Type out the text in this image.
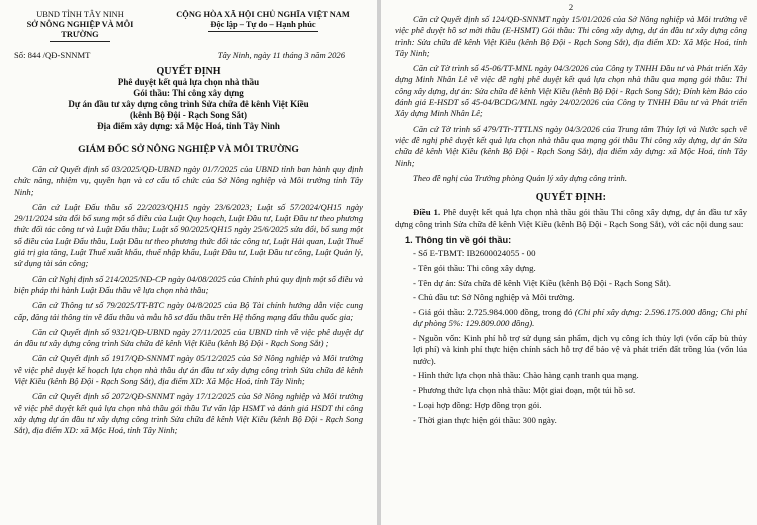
UBND TỈNH TÂY NINH

SỞ NÔNG NGHIỆP VÀ MÔI TRƯỜNG

CỘNG HÒA XÃ HỘI CHỦ NGHĨA VIỆT NAM

Độc lập – Tự do – Hạnh phúc

Số: 844 /QĐ-SNNMT	Tây Ninh, ngày 11 tháng 3 năm 2026

QUYẾT ĐỊNH

Phê duyệt kết quả lựa chọn nhà thầu

Gói thầu: Thi công xây dựng

Dự án đầu tư xây dựng công trình Sửa chữa đê kênh Việt Kiều

(kênh Bộ Đội - Rạch Song Sắt)

Địa điểm xây dựng: xã Mộc Hoá, tỉnh Tây Ninh

GIÁM ĐỐC SỞ NÔNG NGHIỆP VÀ MÔI TRƯỜNG

Căn cứ Quyết định số 03/2025/QĐ-UBND ngày 01/7/2025 của UBND tỉnh ban hành quy định chức năng, nhiệm vụ, quyền hạn và cơ cấu tổ chức của Sở Nông nghiệp và Môi trường tỉnh Tây Ninh;

Căn cứ Luật Đấu thầu số 22/2023/QH15 ngày 23/6/2023; Luật số 57/2024/QH15 ngày 29/11/2024 sửa đổi bổ sung một số điều của Luật Quy hoạch, Luật Đầu tư, Luật Đầu tư theo phương thức đối tác công tư và Luật Đấu thầu; Luật số 90/2025/QH15 ngày 25/6/2025 sửa đổi, bổ sung một số điều của Luật Đấu thầu, Luật Đầu tư theo phương thức đối tác công tư, Luật Hải quan, Luật Thuế giá trị gia tăng, Luật Thuế xuất khẩu, thuế nhập khẩu, Luật Đầu tư, Luật Đầu tư công, Luật Quản lý, sử dụng tài sản công;

Căn cứ Nghị định số 214/2025/NĐ-CP ngày 04/08/2025 của Chính phủ quy định một số điều và biện pháp thi hành Luật Đấu thầu về lựa chọn nhà thầu;

Căn cứ Thông tư số 79/2025/TT-BTC ngày 04/8/2025 của Bộ Tài chính hướng dẫn việc cung cấp, đăng tải thông tin về đấu thầu và mẫu hồ sơ đấu thầu trên Hệ thống mạng đấu thầu quốc gia;

Căn cứ Quyết định số 9321/QĐ-UBND ngày 27/11/2025 của UBND tỉnh về việc phê duyệt dự án đầu tư xây dựng công trình Sửa chữa đê kênh Việt Kiều (kênh Bộ Đội - Rạch Song Sắt) ;

Căn cứ Quyết định số 1917/QĐ-SNNMT ngày 05/12/2025 của Sở Nông nghiệp và Môi trường về việc phê duyệt kế hoạch lựa chọn nhà thầu dự án đầu tư xây dựng công trình Sửa chữa đê kênh Việt Kiều (kênh Bộ Đội - Rạch Song Sắt), địa điểm XD: Xã Mộc Hoá, tỉnh Tây Ninh;

Căn cứ Quyết định số 2072/QĐ-SNNMT ngày 17/12/2025 của Sở Nông nghiệp và Môi trường về việc phê duyệt kết quả lựa chọn nhà thầu gói thầu Tư vấn lập HSMT và đánh giá HSDT thi công xây dựng dự án đầu tư xây dựng công trình Sửa chữa đê kênh Việt Kiều (kênh Bộ Đội - Rạch Song Sắt), địa điểm XD: xã Mộc Hoá, tỉnh Tây Ninh;

2

Căn cứ Quyết định số 124/QĐ-SNNMT ngày 15/01/2026 của Sở Nông nghiệp và Môi trường về việc phê duyệt hồ sơ mời thầu (E-HSMT) Gói thầu: Thi công xây dựng, dự án đầu tư xây dựng công trình: Sửa chữa đê kênh Việt Kiều (kênh Bộ Đội - Rạch Song Sắt), địa điểm XD: Xã Mộc Hoá, tỉnh Tây Ninh;

Căn cứ Tờ trình số 45-06/TT-MNL ngày 04/3/2026 của Công ty TNHH Đầu tư và Phát triển Xây dựng Minh Nhân Lê về việc đề nghị phê duyệt kết quả lựa chọn nhà thầu qua mạng gói thầu: Thi công xây dựng, dự án: Sửa chữa đê kênh Việt Kiều (kênh Bộ Đội - Rạch Song Sắt); Đính kèm Báo cáo đánh giá E-HSDT số 45-04/BCDG/MNL ngày 24/02/2026 của Công ty TNHH Đầu tư và Phát triển Xây dựng Minh Nhân Lê;

Căn cứ Tờ trình số 479/TTr-TTTLNS ngày 04/3/2026 của Trung tâm Thủy lợi và Nước sạch về việc đề nghị phê duyệt kết quả lựa chọn nhà thầu qua mạng gói thầu Thi công xây dựng, dự án Sửa chữa đê kênh Việt Kiều (kênh Bộ Đội - Rạch Song Sắt), địa điểm xây dựng: xã Mộc Hoá, tỉnh Tây Ninh;

Theo đề nghị của Trưởng phòng Quản lý xây dựng công trình.

QUYẾT ĐỊNH:

Điều 1. Phê duyệt kết quả lựa chọn nhà thầu gói thầu Thi công xây dựng, dự án đầu tư xây dựng công trình Sửa chữa đê kênh Việt Kiều (kênh Bộ Đội - Rạch Song Sắt), với các nội dung sau:

1. Thông tin về gói thầu:

- Số E-TBMT: IB2600024055 - 00

- Tên gói thầu: Thi công xây dựng.

- Tên dự án: Sửa chữa đê kênh Việt Kiều (kênh Bộ Đội - Rạch Song Sắt).

- Chủ đầu tư: Sở Nông nghiệp và Môi trường.

- Giá gói thầu: 2.725.984.000 đồng, trong đó (Chi phí xây dựng: 2.596.175.000 đồng; Chi phí dự phòng 5%: 129.809.000 đồng).

- Nguồn vốn: Kinh phí hỗ trợ sử dụng sản phẩm, dịch vụ công ích thủy lợi (vốn cấp bù thủy lợi phí) và kinh phí thực hiện chính sách hỗ trợ để bảo vệ và phát triển đất trồng lúa (vốn lúa nước).

- Hình thức lựa chọn nhà thầu: Chào hàng cạnh tranh qua mạng.

- Phương thức lựa chọn nhà thầu: Một giai đoạn, một túi hồ sơ.

- Loại hợp đồng: Hợp đồng trọn gói.

- Thời gian thực hiện gói thầu: 300 ngày.
